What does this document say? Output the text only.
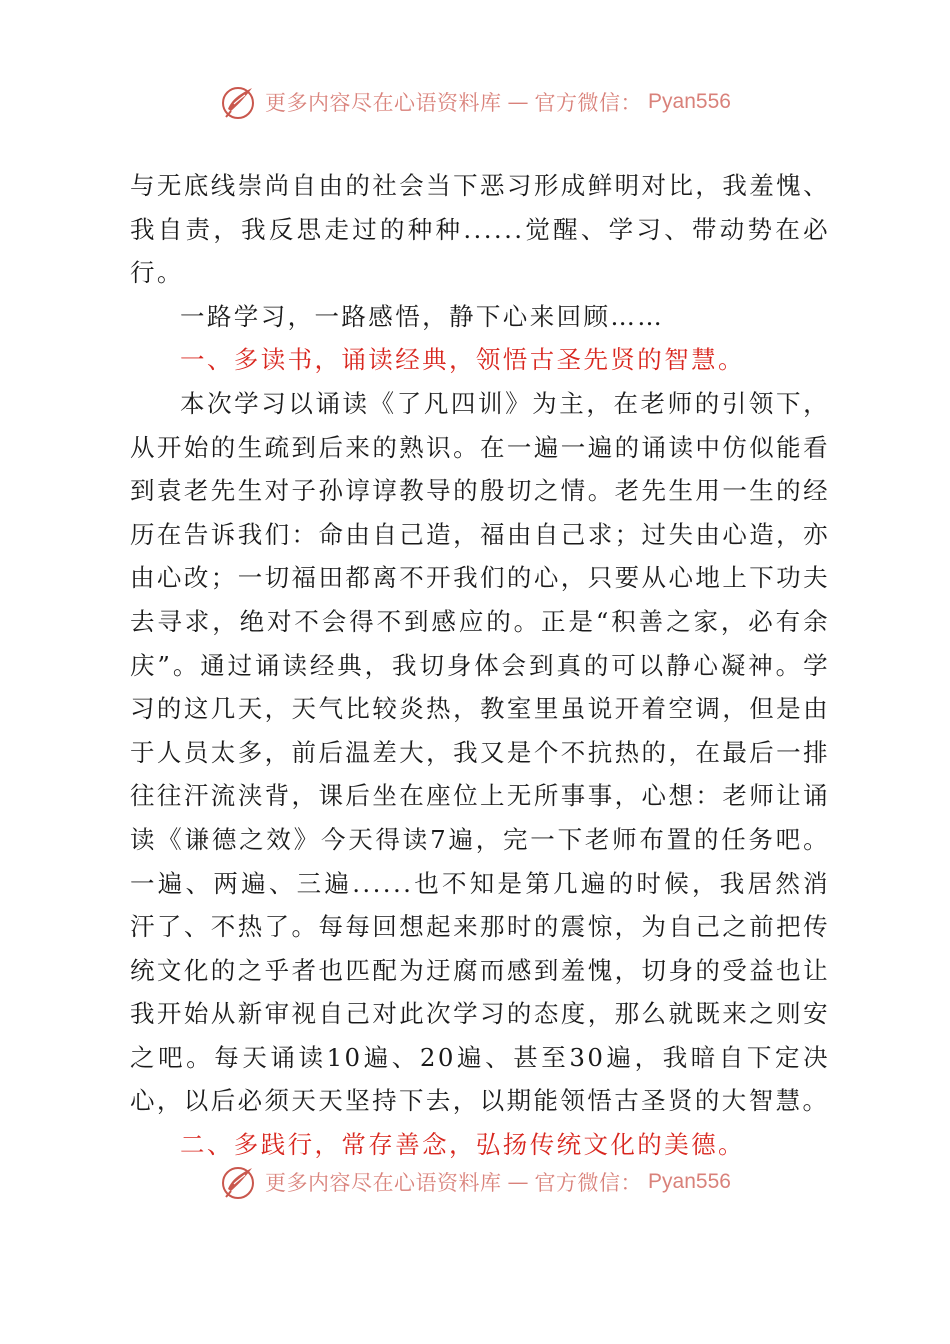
更多内容尽在心语资料库 — 官方微信： Pyan556

与无底线崇尚自由的社会当下恶习形成鲜明对比，我羞愧、我自责，我反思走过的种种......觉醒、学习、带动势在必行。

一路学习，一路感悟，静下心来回顾……

一、多读书，诵读经典，领悟古圣先贤的智慧。

本次学习以诵读《了凡四训》为主，在老师的引领下，从开始的生疏到后来的熟识。在一遍一遍的诵读中仿似能看到袁老先生对子孙谆谆教导的殷切之情。老先生用一生的经历在告诉我们：命由自己造，福由自己求；过失由心造，亦由心改；一切福田都离不开我们的心，只要从心地上下功夫去寻求，绝对不会得不到感应的。正是“积善之家，必有余庆”。通过诵读经典，我切身体会到真的可以静心凝神。学习的这几天，天气比较炎热，教室里虽说开着空调，但是由于人员太多，前后温差大，我又是个不抗热的，在最后一排往往汗流浃背，课后坐在座位上无所事事，心想：老师让诵读《谦德之效》今天得读7遍，完一下老师布置的任务吧。一遍、两遍、三遍......也不知是第几遍的时候，我居然消汗了、不热了。每每回想起来那时的震惊，为自己之前把传统文化的之乎者也匹配为迂腐而感到羞愧，切身的受益也让我开始从新审视自己对此次学习的态度，那么就既来之则安之吧。每天诵读10遍、20遍、甚至30遍，我暗自下定决心，以后必须天天坚持下去，以期能领悟古圣贤的大智慧。

二、多践行，常存善念，弘扬传统文化的美德。

更多内容尽在心语资料库 — 官方微信： Pyan556
